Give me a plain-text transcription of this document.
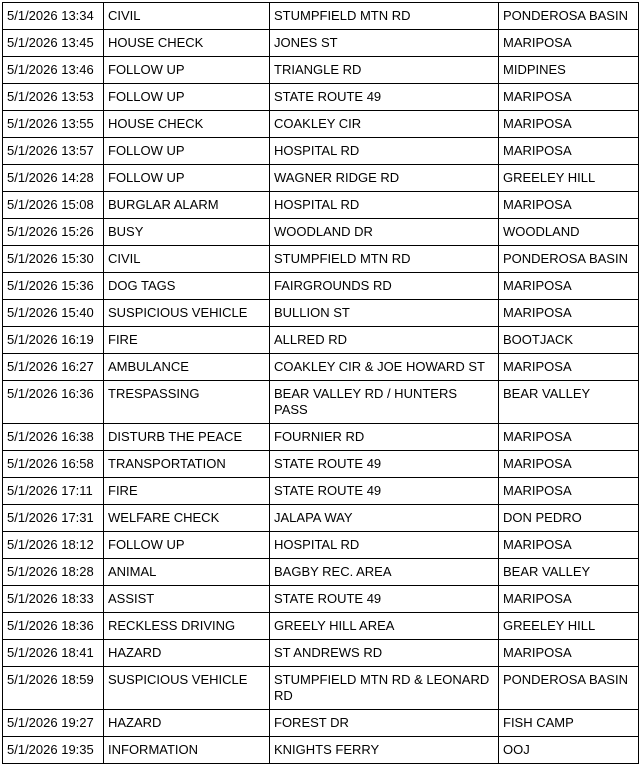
5/1/2026 13:34	CIVIL	STUMPFIELD MTN RD	PONDEROSA BASIN
5/1/2026 13:45	HOUSE CHECK	JONES ST	MARIPOSA
5/1/2026 13:46	FOLLOW UP	TRIANGLE RD	MIDPINES
5/1/2026 13:53	FOLLOW UP	STATE ROUTE 49	MARIPOSA
5/1/2026 13:55	HOUSE CHECK	COAKLEY CIR	MARIPOSA
5/1/2026 13:57	FOLLOW UP	HOSPITAL RD	MARIPOSA
5/1/2026 14:28	FOLLOW UP	WAGNER RIDGE RD	GREELEY HILL
5/1/2026 15:08	BURGLAR ALARM	HOSPITAL RD	MARIPOSA
5/1/2026 15:26	BUSY	WOODLAND DR	WOODLAND
5/1/2026 15:30	CIVIL	STUMPFIELD MTN RD	PONDEROSA BASIN
5/1/2026 15:36	DOG TAGS	FAIRGROUNDS RD	MARIPOSA
5/1/2026 15:40	SUSPICIOUS VEHICLE	BULLION ST	MARIPOSA
5/1/2026 16:19	FIRE	ALLRED RD	BOOTJACK
5/1/2026 16:27	AMBULANCE	COAKLEY CIR & JOE HOWARD ST	MARIPOSA
5/1/2026 16:36	TRESPASSING	BEAR VALLEY RD / HUNTERS PASS	BEAR VALLEY
5/1/2026 16:38	DISTURB THE PEACE	FOURNIER RD	MARIPOSA
5/1/2026 16:58	TRANSPORTATION	STATE ROUTE 49	MARIPOSA
5/1/2026 17:11	FIRE	STATE ROUTE 49	MARIPOSA
5/1/2026 17:31	WELFARE CHECK	JALAPA WAY	DON PEDRO
5/1/2026 18:12	FOLLOW UP	HOSPITAL RD	MARIPOSA
5/1/2026 18:28	ANIMAL	BAGBY REC. AREA	BEAR VALLEY
5/1/2026 18:33	ASSIST	STATE ROUTE 49	MARIPOSA
5/1/2026 18:36	RECKLESS DRIVING	GREELY HILL AREA	GREELEY HILL
5/1/2026 18:41	HAZARD	ST ANDREWS RD	MARIPOSA
5/1/2026 18:59	SUSPICIOUS VEHICLE	STUMPFIELD MTN RD & LEONARD RD	PONDEROSA BASIN
5/1/2026 19:27	HAZARD	FOREST DR	FISH CAMP
5/1/2026 19:35	INFORMATION	KNIGHTS FERRY	OOJ
